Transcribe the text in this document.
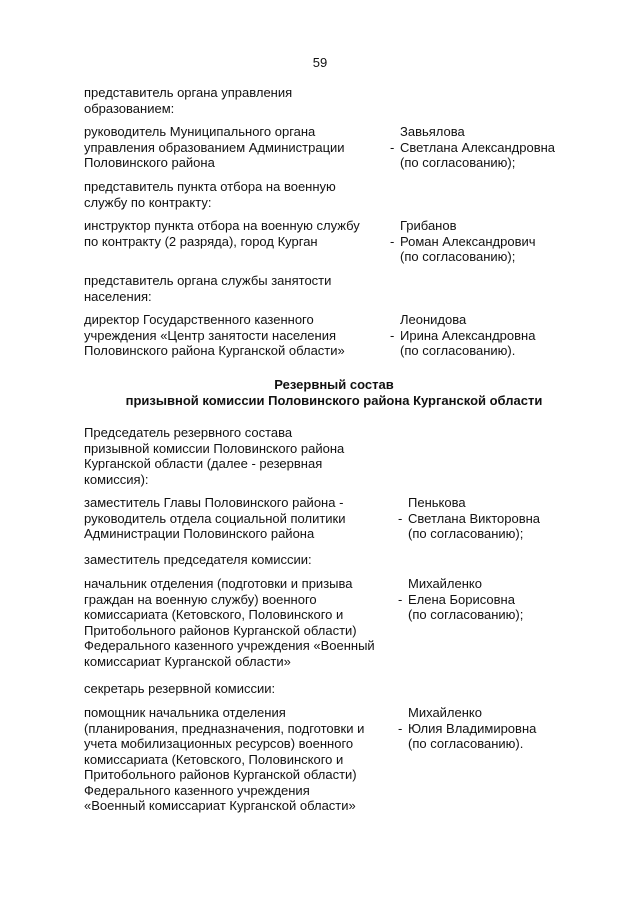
59
представитель органа управления
образованием:
руководитель Муниципального органа
управления образованием Администрации
Половинского района

-
Завьялова
Светлана Александровна
(по согласованию);

представитель пункта отбора на военную
службу по контракту:
инструктор пункта отбора на военную службу
по контракту (2 разряда), город Курган	-
Грибанов
Роман Александрович
(по согласованию);

представитель органа службы занятости
населения:
директор Государственного казенного
учреждения «Центр занятости населения
Половинского района Курганской области»

-
Леонидова
Ирина Александровна
(по согласованию).

Резервный состав
призывной комиссии Половинского района Курганской области
Председатель резервного состава
призывной комиссии Половинского района
Курганской области (далее - резервная
комиссия):
заместитель Главы Половинского района -
руководитель отдела социальной политики
Администрации Половинского района

-
Пенькова
Светлана Викторовна
(по согласованию);

заместитель председателя комиссии:
начальник отделения (подготовки и призыва
граждан на военную службу) военного
комиссариата (Кетовского, Половинского и
Притобольного районов Курганской области)
Федерального казенного учреждения «Военный
комиссариат Курганской области»

-
Михайленко
Елена Борисовна
(по согласованию);

секретарь резервной комиссии:
помощник начальника отделения
(планирования, предназначения, подготовки и
учета мобилизационных ресурсов) военного
комиссариата (Кетовского, Половинского и
Притобольного районов Курганской области)
Федерального казенного учреждения
«Военный комиссариат Курганской области»

-
Михайленко
Юлия Владимировна
(по согласованию).
